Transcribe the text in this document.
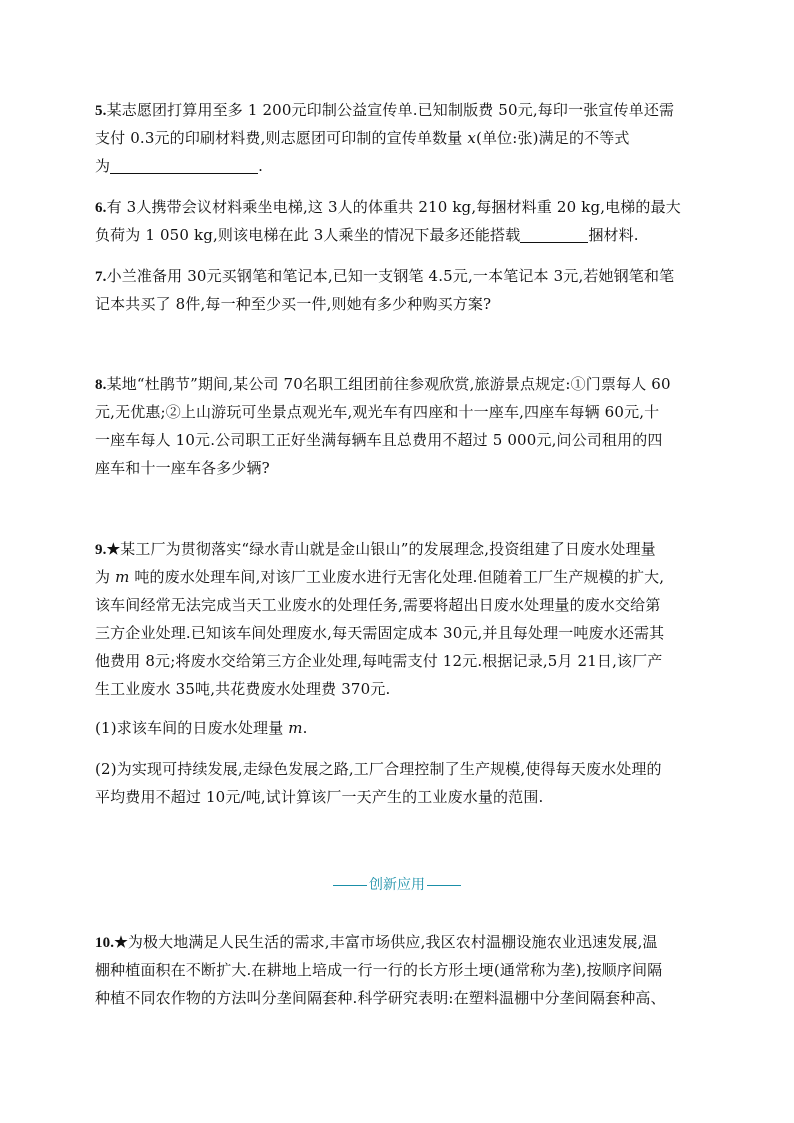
5.某志愿团打算用至多 1 200元印制公益宣传单.已知制版费 50元,每印一张宣传单还需
支付 0.3元的印刷材料费,则志愿团可印制的宣传单数量 x(单位:张)满足的不等式
为	.
6.有 3人携带会议材料乘坐电梯,这 3人的体重共 210 kg,每捆材料重 20 kg,电梯的最大
负荷为 1 050 kg,则该电梯在此 3人乘坐的情况下最多还能搭载	捆材料.
7.小兰准备用 30元买钢笔和笔记本,已知一支钢笔 4.5元,一本笔记本 3元,若她钢笔和笔
记本共买了 8件,每一种至少买一件,则她有多少种购买方案?
8.某地“杜鹃节”期间,某公司 70名职工组团前往参观欣赏,旅游景点规定:①门票每人 60
元,无优惠;②上山游玩可坐景点观光车,观光车有四座和十一座车,四座车每辆 60元,十
一座车每人 10元.公司职工正好坐满每辆车且总费用不超过 5 000元,问公司租用的四
座车和十一座车各多少辆?
9.★某工厂为贯彻落实“绿水青山就是金山银山”的发展理念,投资组建了日废水处理量
为 m 吨的废水处理车间,对该厂工业废水进行无害化处理.但随着工厂生产规模的扩大,
该车间经常无法完成当天工业废水的处理任务,需要将超出日废水处理量的废水交给第
三方企业处理.已知该车间处理废水,每天需固定成本 30元,并且每处理一吨废水还需其
他费用 8元;将废水交给第三方企业处理,每吨需支付 12元.根据记录,5月 21日,该厂产
生工业废水 35吨,共花费废水处理费 370元.
(1)求该车间的日废水处理量 m.
(2)为实现可持续发展,走绿色发展之路,工厂合理控制了生产规模,使得每天废水处理的
平均费用不超过 10元/吨,试计算该厂一天产生的工业废水量的范围.
创新应用
10.★为极大地满足人民生活的需求,丰富市场供应,我区农村温棚设施农业迅速发展,温
棚种植面积在不断扩大.在耕地上培成一行一行的长方形土埂(通常称为垄),按顺序间隔
种植不同农作物的方法叫分垄间隔套种.科学研究表明:在塑料温棚中分垄间隔套种高、
